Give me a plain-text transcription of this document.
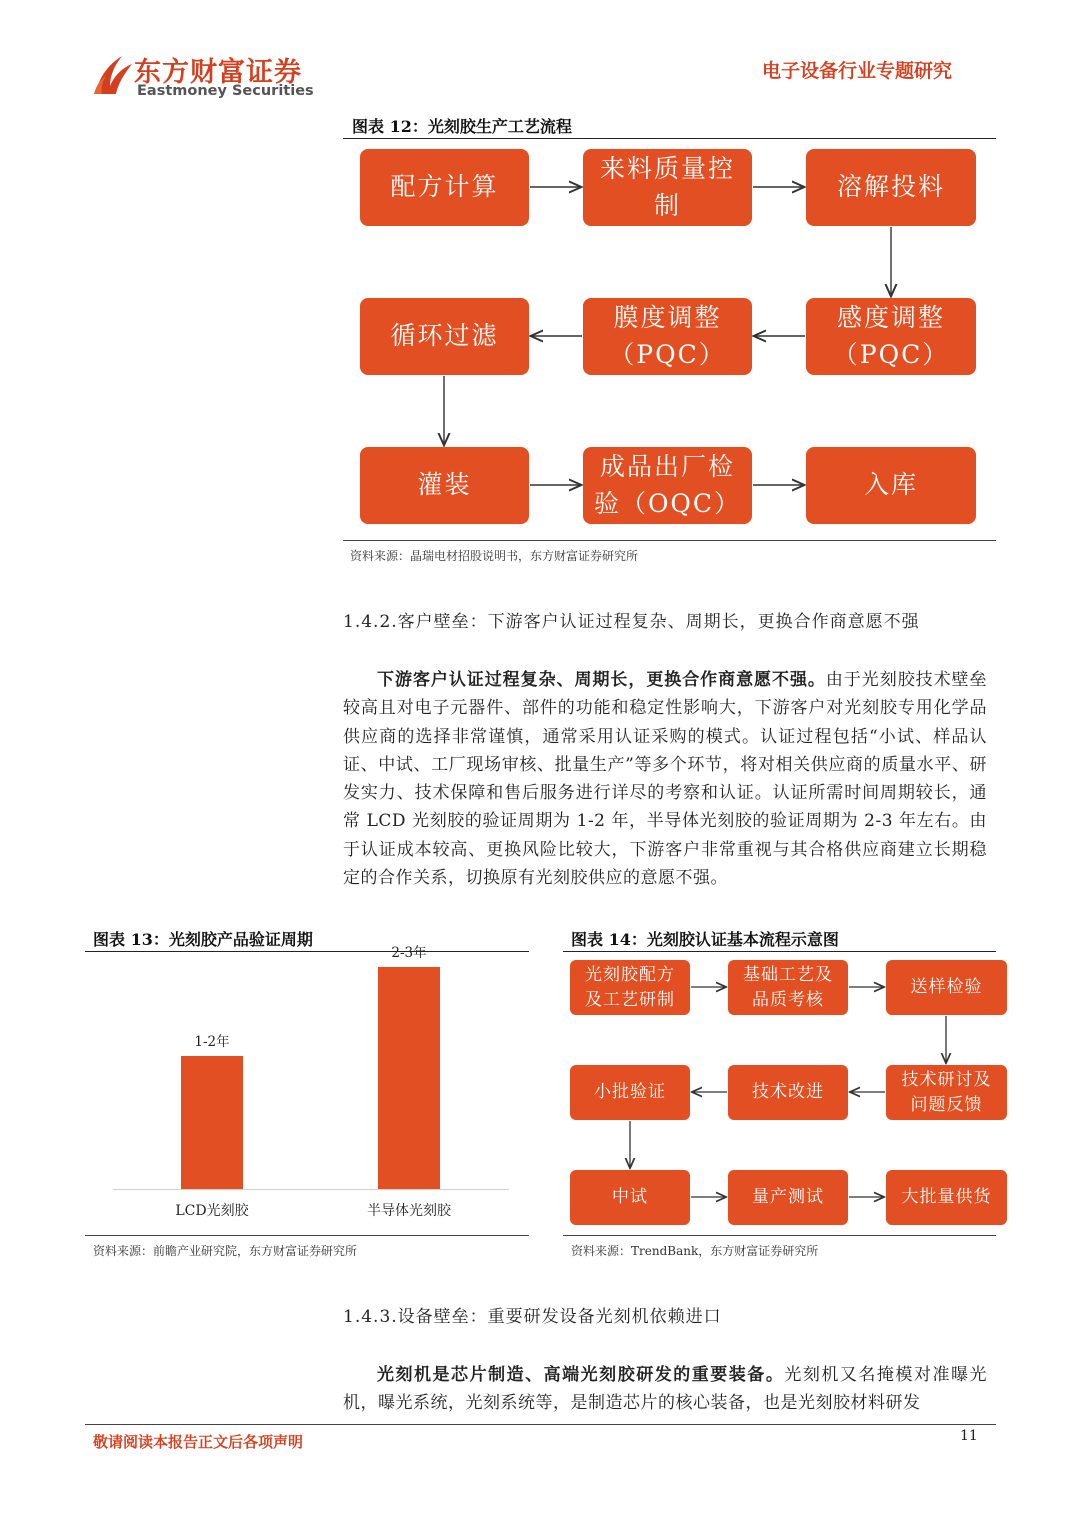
东方财富证券
Eastmoney Securities
电子设备行业专题研究
图表 12：光刻胶生产工艺流程
配方计算
来料质量控制
溶解投料
感度调整（PQC）
膜度调整（PQC）
循环过滤
灌装
成品出厂检验（OQC）
入库
资料来源：晶瑞电材招股说明书，东方财富证券研究所
1.4.2.客户壁垒：下游客户认证过程复杂、周期长，更换合作商意愿不强
下游客户认证过程复杂、周期长，更换合作商意愿不强。由于光刻胶技术壁垒较高且对电子元器件、部件的功能和稳定性影响大，下游客户对光刻胶专用化学品供应商的选择非常谨慎，通常采用认证采购的模式。认证过程包括“小试、样品认证、中试、工厂现场审核、批量生产”等多个环节，将对相关供应商的质量水平、研发实力、技术保障和售后服务进行详尽的考察和认证。认证所需时间周期较长，通常 LCD 光刻胶的验证周期为 1-2 年，半导体光刻胶的验证周期为 2-3 年左右。由于认证成本较高、更换风险比较大，下游客户非常重视与其合格供应商建立长期稳定的合作关系，切换原有光刻胶供应的意愿不强。
图表 13：光刻胶产品验证周期
1-2年
2-3年
LCD光刻胶	半导体光刻胶
资料来源：前瞻产业研究院，东方财富证券研究所
图表 14：光刻胶认证基本流程示意图
光刻胶配方及工艺研制
基础工艺及品质考核
送样检验
技术研讨及问题反馈
技术改进
小批验证
中试	量产测试	大批量供货
资料来源：TrendBank，东方财富证券研究所
1.4.3.设备壁垒：重要研发设备光刻机依赖进口
光刻机是芯片制造、高端光刻胶研发的重要装备。光刻机又名掩模对准曝光机，曝光系统，光刻系统等，是制造芯片的核心装备，也是光刻胶材料研发
敬请阅读本报告正文后各项声明	11
